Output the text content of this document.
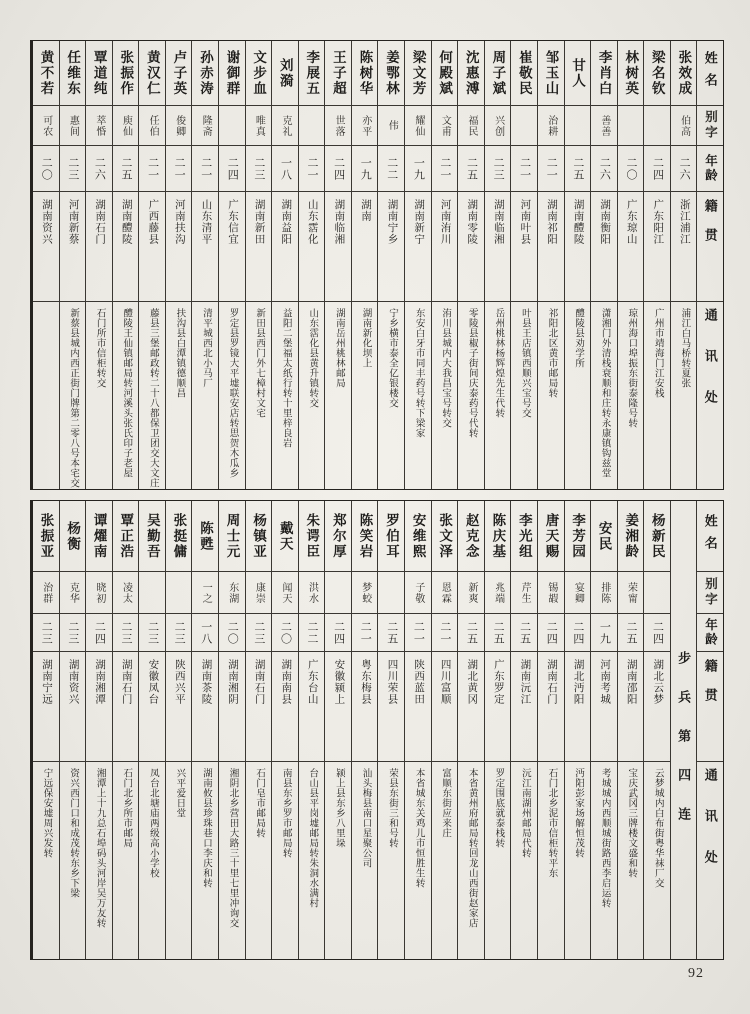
姓名
别字
年龄
籍贯
通讯处
张效成
伯高
二六
浙江浦江
浦江白马桥转夏张
梁名钦
二四
广东阳江
广州市靖海门江安栈
林树英
二〇
广东琼山
琼州海口埠振东街泰隆号转
李肖白
善善
二六
湖南衡阳
潇湘门外清栈衰顺和庄转永康镇钩兹堂
甘人
二五
湖南醴陵
醴陵县劝学所
邹玉山
治耕
二一
湖南祁阳
祁阳北区黄市邮局转
崔敬民
二一
河南叶县
叶县王店镇西顺兴宝号交
周子斌
兴创
二三
湖南临湘
岳州桃林杨辉煌先生代转
沈惠溥
福民
二五
湖南零陵
零陵县椒子街间庆泰药号代转
何殿斌
文甫
二一
河南洧川
洧川县城内大我昌宝号转交
梁文芳
耀仙
一九
湖南新宁
东安白牙市同丰药号转下梁家
姜鄂林
伟
二二
湖南宁乡
宁乡横市泰全亿银楼交
陈树华
亦平
一九
湖南
湖南新化坝上
王子超
世落
二四
湖南临湘
湖南岳州桃林邮局
李展五
二一
山东霑化
山东霑化县黄升镇转交
刘漪
克礼
一八
湖南益阳
益阳二堡福太纸行转十里梓良岩
文步血
唯真
二三
湖南新田
新田县西门外七樟村文宅
谢御群
二四
广东信宜
罗定县罗镜大平墟联安店转思贺木瓜乡
孙赤涛
隆斋
二一
山东清平
清平城西北小马厂
卢子英
俊卿
二一
河南扶沟
扶沟县白潭镇德顺昌
黄汉仁
任伯
二一
广西藤县
藤县三堡邮政转二十八都保卫团交大文庄
张振作
庾仙
二五
湖南醴陵
醴陵王仙镇邮局转河溪头张氏印子老屋
覃道纯
萃惛
二六
湖南石门
石门所市信柜转交
任维东
惠间
二三
河南新蔡
新蔡县城内西正街门牌第二零八号本宅交
黄不若
可农
二〇
湖南资兴
姓名
别字
年龄
籍贯
通讯处
步兵第四连
杨新民
二四
湖北云梦
云梦城内白布街粤华袜厂交
姜湘龄
荣甯
二五
湖南邵阳
宝庆武冈三牌楼文盛和转
安民
排陈
一九
河南考城
考城城内西顺城街路西李启运转
李芳园
宴卿
二四
湖北沔阳
沔阳彭家场解恒茂转
唐天赐
锡嘏
二四
湖南石门
石门北乡泥市信柜转平东
李光组
芹生
二五
湖南沅江
沅江南湖州邮局代转
陈庆基
兆端
二五
广东罗定
罗定围底就泰栈转
赵克念
新爽
二五
湖北黄冈
本省黄州府邮局转回龙山西街赵家店
张文泽
恩霖
二一
四川富顺
富顺东街应来庄
安维熙
子敬
二一
陕西蓝田
本省城东关鸡儿市恒胜生转
罗伯耳
二五
四川荣县
荣县东街三和号转
陈笑岩
梦蛟
二一
粤东梅县
汕头梅县南口星聚公司
郑尔厚
二四
安徽颍上
颍上县东乡八里垛
朱谔臣
洪水
二二
广东台山
台山县平岗墟邮局转朱洞水满村
戴天
闻天
二〇
湖南南县
南县东乡罗市邮局转
杨镇亚
康崇
二三
湖南石门
石门皂市邮局转
周士元
东湖
二〇
湖南湘阴
湘阴北乡营田大路三十里七里冲询交
陈甦
一之
一八
湖南茶陵
湖南攸县珍珠巷口李庆和转
张挺傭
二三
陕西兴平
兴平爱日堂
吴勤吾
二三
安徽凤台
凤台北塘庙两级高小学校
覃正浩
凌太
二三
湖南石门
石门北乡所市邮局
谭燿南
晓初
二四
湖南湘潭
湘潭上十九总石埠码头河岸吴万友转
杨衡
克华
二三
湖南资兴
资兴西门口和成茂转东乡下梁
张振亚
治群
二三
湖南宁远
宁远保安墟周兴发转
92
